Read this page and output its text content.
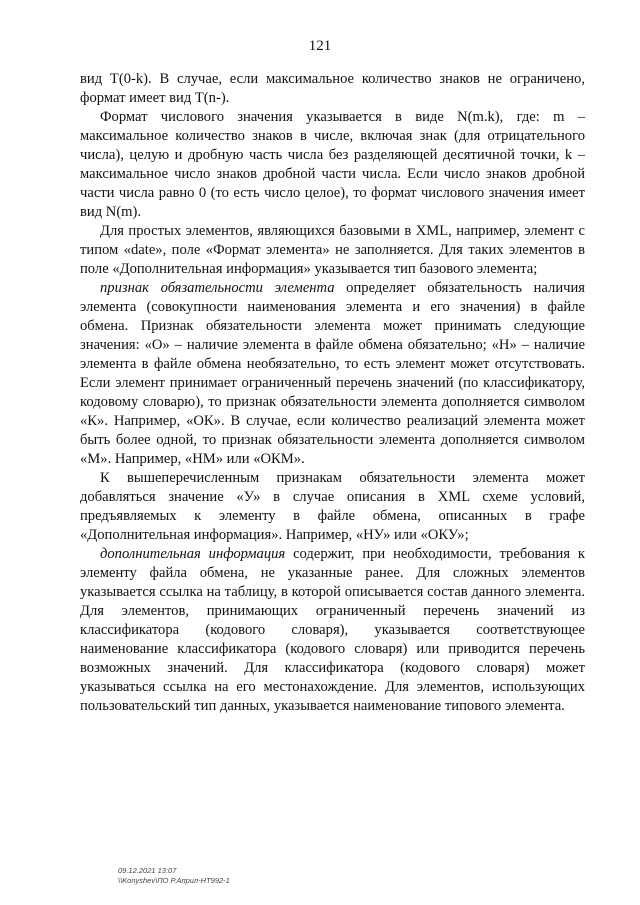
121

вид T(0-k). В случае, если максимальное количество знаков не ограничено, формат имеет вид T(n-).

Формат числового значения указывается в виде N(m.k), где: m – максимальное количество знаков в числе, включая знак (для отрицательного числа), целую и дробную часть числа без разделяющей десятичной точки, k – максимальное число знаков дробной части числа. Если число знаков дробной части числа равно 0 (то есть число целое), то формат числового значения имеет вид N(m).

Для простых элементов, являющихся базовыми в XML, например, элемент с типом «date», поле «Формат элемента» не заполняется. Для таких элементов в поле «Дополнительная информация» указывается тип базового элемента;

признак обязательности элемента определяет обязательность наличия элемента (совокупности наименования элемента и его значения) в файле обмена. Признак обязательности элемента может принимать следующие значения: «О» – наличие элемента в файле обмена обязательно; «Н» – наличие элемента в файле обмена необязательно, то есть элемент может отсутствовать. Если элемент принимает ограниченный перечень значений (по классификатору, кодовому словарю), то признак обязательности элемента дополняется символом «К». Например, «ОК». В случае, если количество реализаций элемента может быть более одной, то признак обязательности элемента дополняется символом «М». Например, «НМ» или «ОКМ».

К вышеперечисленным признакам обязательности элемента может добавляться значение «У» в случае описания в XML схеме условий, предъявляемых к элементу в файле обмена, описанных в графе «Дополнительная информация». Например, «НУ» или «ОКУ»;

дополнительная информация содержит, при необходимости, требования к элементу файла обмена, не указанные ранее. Для сложных элементов указывается ссылка на таблицу, в которой описывается состав данного элемента. Для элементов, принимающих ограниченный перечень значений из классификатора (кодового словаря), указывается соответствующее наименование классификатора (кодового словаря) или приводится перечень возможных значений. Для классификатора (кодового словаря) может указываться ссылка на его местонахождение. Для элементов, использующих пользовательский тип данных, указывается наименование типового элемента.

09.12.2021 13:07
\\Konyshev\ПО Р.Април-НТ992-1
